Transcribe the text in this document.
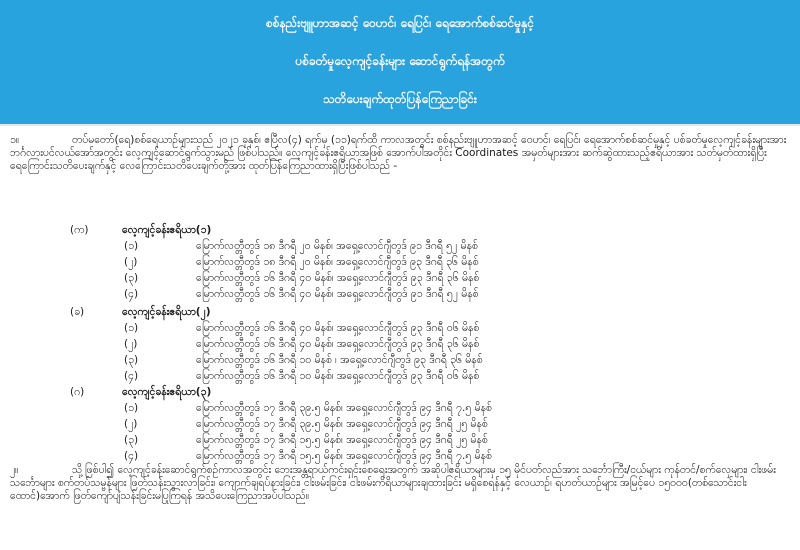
စစ်နည်းဗျူဟာအဆင့် ဝေဟင်၊ ရေပြင်၊ ရေအောက်စစ်ဆင်မှုနှင့်
ပစ်ခတ်မှုလေ့ကျင့်ခန်းများ ဆောင်ရွက်ရန်အတွက်
သတိပေးချက်ထုတ်ပြန်ကြေညာခြင်း
၁။	တပ်မတော်(ရေ)စစ်ရေယာဉ်များသည် ၂၀၂၁ ခုနှစ်၊ ဧပြီလ(၄) ရက်မှ (၁၁)ရက်ထိ ကာလအတွင်း စစ်နည်းဗျူဟာအဆင့် ဝေဟင်၊ ရေပြင်၊ ရေအောက်စစ်ဆင်မှုနှင့် ပစ်ခတ်မှုလေ့ကျင့်ခန်းများအား ဘင်္ဂလားပင်လယ်အော်အတွင်း လေ့ကျင့်ဆောင်ရွက်သွားမည် ဖြစ်ပါသည်။ လေ့ကျင့်ခန်းဧရိယာအဖြစ် အောက်ပါအတိုင်း Coordinates အမှတ်များအား ဆက်ဆွဲထားသည့်ဧရိယာအား သတ်မှတ်ထားရှိပြီး ရေကြောင်းသတိပေးချက်နှင့် လေကြောင်းသတိပေးချက်တို့အား ထုတ်ပြန်ကြေညာထားရှိပြီးဖြစ်ပါသည် -
(က)	လေ့ကျင့်ခန်းဧရိယာ(၁)
(၁)	မြောက်လတ္တီတွဒ် ၁၈ ဒီဂရီ ၂၀ မိနစ်၊ အရှေ့လောင်ဂျီတွဒ် ၉၁ ဒီဂရီ ၅၂ မိနစ်
(၂)	မြောက်လတ္တီတွဒ် ၁၈ ဒီဂရီ ၂၀ မိနစ်၊ အရှေ့လောင်ဂျီတွဒ် ၉၃ ဒီဂရီ ၃၆ မိနစ်
(၃)	မြောက်လတ္တီတွဒ် ၁၆ ဒီဂရီ ၄၀ မိနစ်၊ အရှေ့လောင်ဂျီတွဒ် ၉၃ ဒီဂရီ ၃၆ မိနစ်
(၄)	မြောက်လတ္တီတွဒ် ၁၆ ဒီဂရီ ၄၀ မိနစ်၊ အရှေ့လောင်ဂျီတွဒ် ၉၁ ဒီဂရီ ၅၂ မိနစ်
(ခ)	လေ့ကျင့်ခန်းဧရိယာ(၂)
(၁)	မြောက်လတ္တီတွဒ် ၁၆ ဒီဂရီ ၄၀ မိနစ်၊ အရှေ့လောင်ဂျီတွဒ် ၉၃ ဒီဂရီ ၀၆ မိနစ်
(၂)	မြောက်လတ္တီတွဒ် ၁၆ ဒီဂရီ ၄၀ မိနစ်၊ အရှေ့လောင်ဂျီတွဒ် ၉၃ ဒီဂရီ ၃၆ မိနစ်
(၃)	မြောက်လတ္တီတွဒ် ၁၆ ဒီဂရီ ၁၀ မိနစ် ၊ အရှေ့လောင်ဂျီတွဒ် ၉၃ ဒီဂရီ ၃၆ မိနစ်
(၄)	မြောက်လတ္တီတွဒ် ၁၆ ဒီဂရီ ၁၀ မိနစ်၊ အရှေ့လောင်ဂျီတွဒ် ၉၃ ဒီဂရီ ၀၆ မိနစ်
(ဂ)	လေ့ကျင့်ခန်းဧရိယာ(၃)
(၁)	မြောက်လတ္တီတွဒ် ၁၇ ဒီဂရီ ၃၉.၅ မိနစ်၊ အရှေ့လောင်ဂျီတွဒ် ၉၄ ဒီဂရီ ၇.၅ မိနစ်
(၂)	မြောက်လတ္တီတွဒ် ၁၇ ဒီဂရီ ၃၉.၅ မိနစ်၊ အရှေ့လောင်ဂျီတွဒ် ၉၄ ဒီဂရီ ၂၅ မိနစ်
(၃)	မြောက်လတ္တီတွဒ် ၁၇ ဒီဂရီ ၁၅.၅ မိနစ်၊ အရှေ့လောင်ဂျီတွဒ် ၉၄ ဒီဂရီ ၂၅ မိနစ်
(၄)	မြောက်လတ္တီတွဒ် ၁၇ ဒီဂရီ ၁၅.၅ မိနစ်၊ အရှေ့လောင်ဂျီတွဒ် ၉၄ ဒီဂရီ ၇.၅ မိနစ်
၂။	သို့ဖြစ်ပါ၍ လေ့ကျင့်ခန်းဆောင်ရွက်စဉ်ကာလအတွင်း ဘေးအန္တရာယ်ကင်းရှင်းစေရေးအတွက် အဆိုပါဧရိယာများမှ ၁၅ မိုင်ပတ်လည်အား သင်္ဘောကြီး/ငယ်များ ကုန်တင်/စက်လှေများ၊ ငါးဖမ်းသင်္ဘောများ စက်တပ်သမ္ဗန်များ ဖြတ်သန်းသွားလာခြင်း၊ ကျောက်ချရပ်နားခြင်း၊ ငါးဖမ်းခြင်း၊ ငါးဖမ်းကိရိယာများချထားခြင်း မရှိစေရန်နှင့် လေယာဉ်၊ ရဟတ်ယာဉ်များ အမြင့်ပေ ၁၅၀၀၀(တစ်သောင်းငါးထောင်)အောက် ဖြတ်ကျော်ပျံသန်းခြင်းမပြုကြရန် အသိပေးကြေညာအပ်ပါသည်။
